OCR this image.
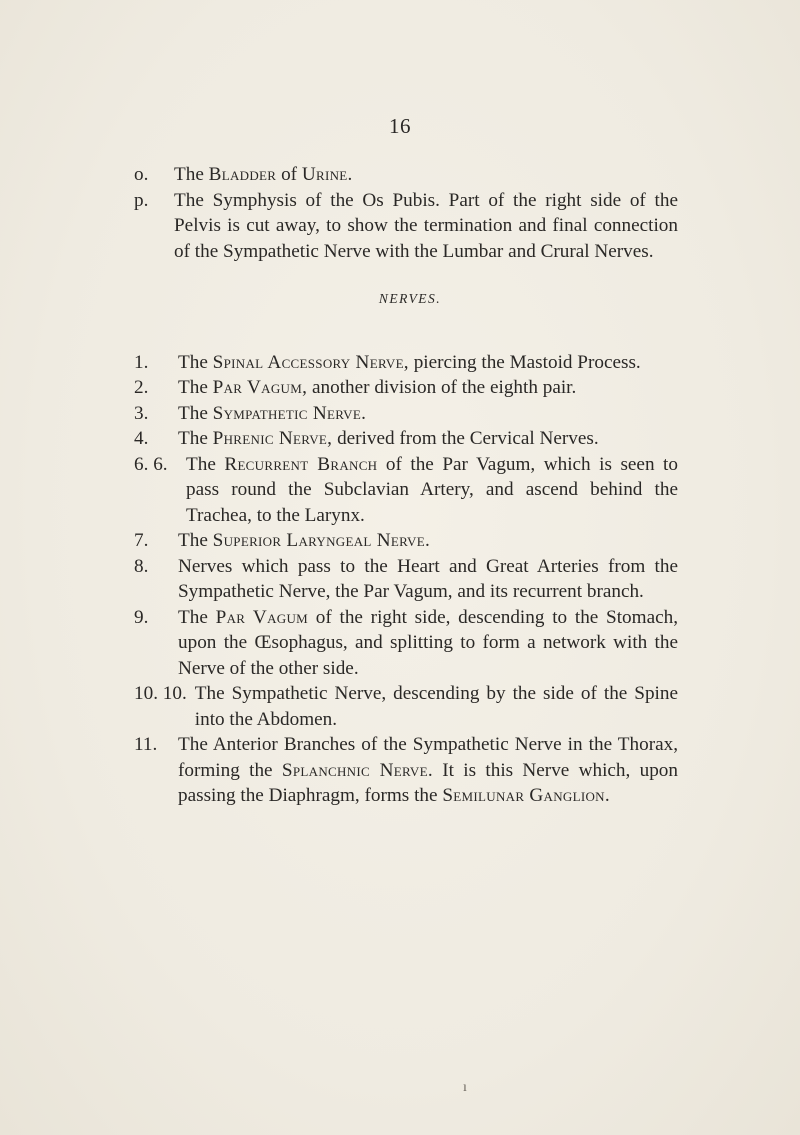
16
o.	The Bladder of Urine.
p.	The Symphysis of the Os Pubis. Part of the right side of the Pelvis is cut away, to show the termination and final connection of the Sympathetic Nerve with the Lumbar and Crural Nerves.
NERVES.
1.	The Spinal Accessory Nerve, piercing the Mastoid Process.
2.	The Par Vagum, another division of the eighth pair.
3.	The Sympathetic Nerve.
4.	The Phrenic Nerve, derived from the Cervical Nerves.
6. 6. The Recurrent Branch of the Par Vagum, which is seen to pass round the Subclavian Artery, and ascend behind the Trachea, to the Larynx.
7.	The Superior Laryngeal Nerve.
8.	Nerves which pass to the Heart and Great Arteries from the Sympathetic Nerve, the Par Vagum, and its recurrent branch.
9.	The Par Vagum of the right side, descending to the Stomach, upon the Œsophagus, and splitting to form a network with the Nerve of the other side.
10. 10. The Sympathetic Nerve, descending by the side of the Spine into the Abdomen.
11.	The Anterior Branches of the Sympathetic Nerve in the Thorax, forming the Splanchnic Nerve. It is this Nerve which, upon passing the Diaphragm, forms the Semilunar Ganglion.
ı
